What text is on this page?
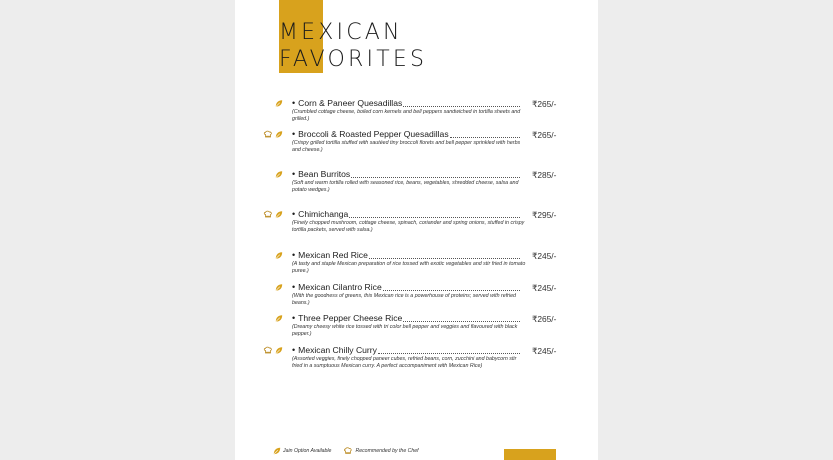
MEXICAN
FAVORITES
• Corn & Paneer Quesadillas
(Crumbled cottage cheese, boiled corn kernels and bell peppers sandwiched in tortilla sheets and grilled.)
₹265/-
• Broccoli & Roasted Pepper Quesadillas
(Crispy grilled tortilla stuffed with sautéed tiny broccoli florets and bell pepper sprinkled with herbs and cheese.)
₹265/-
• Bean Burritos
(Soft and warm tortilla rolled with seasoned rice, beans, vegetables, shredded cheese, salsa and potato wedges.)
₹285/-
• Chimichanga
(Finely chopped mushroom, cottage cheese, spinach, coriander and spring onions, stuffed in crispy tortilla packets, served with salsa.)
₹295/-
• Mexican Red Rice
(A tasty and staple Mexican preparation of rice tossed with exotic vegetables and stir fried in tomato puree.)
₹245/-
• Mexican Cilantro Rice
(With the goodness of greens, this Mexican rice is a powerhouse of proteins; served with refried beans.)
₹245/-
• Three Pepper Cheese Rice
(Dreamy cheesy white rice tossed with tri color bell pepper and veggies and flavoured with black pepper.)
₹265/-
• Mexican Chilly Curry
(Assorted veggies, finely chopped paneer cubes, refried beans, corn, zucchini and babycorn stir fried in a sumptuous Mexican curry. A perfect accompaniment with Mexican Rice)
₹245/-
Jain Option Available	Recommended by the Chef
